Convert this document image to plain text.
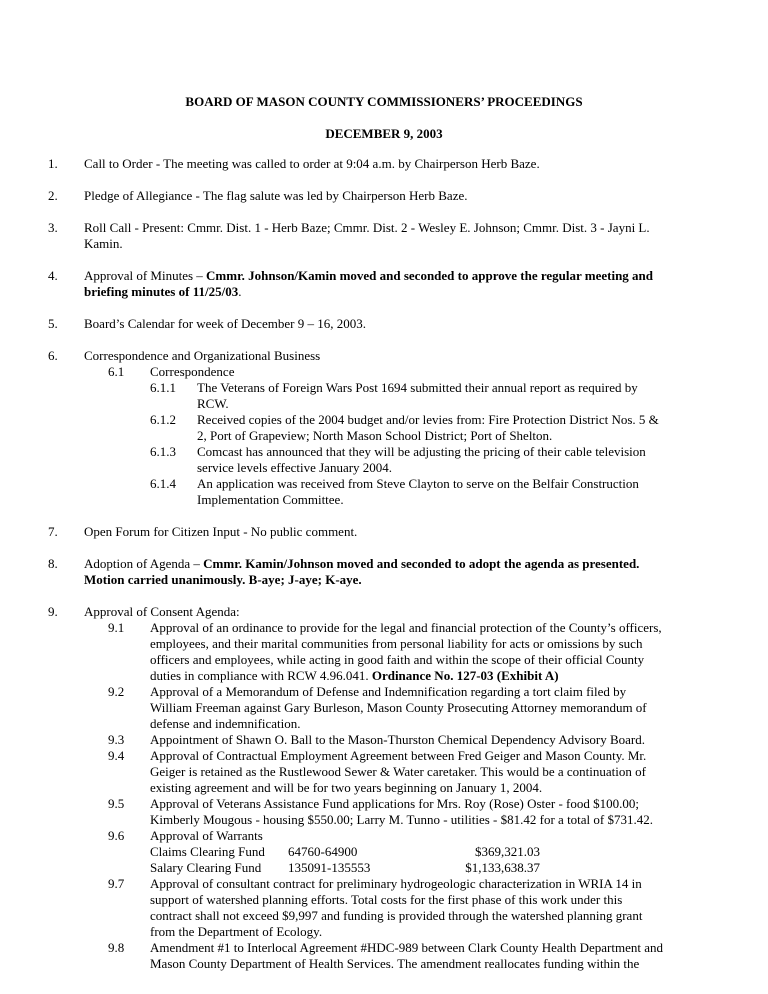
BOARD OF MASON COUNTY COMMISSIONERS’ PROCEEDINGS
DECEMBER 9, 2003
1.	Call to Order - The meeting was called to order at 9:04 a.m. by Chairperson Herb Baze.
2.	Pledge of Allegiance - The flag salute was led by Chairperson Herb Baze.
3.	Roll Call - Present: Cmmr. Dist. 1 - Herb Baze; Cmmr. Dist. 2 - Wesley E. Johnson; Cmmr. Dist. 3 - Jayni L.
Kamin.
4.	Approval of Minutes – Cmmr. Johnson/Kamin moved and seconded to approve the regular meeting and
briefing minutes of 11/25/03.
5.	Board’s Calendar for week of December 9 – 16, 2003.
6.	Correspondence and Organizational Business
6.1 Correspondence
6.1.1 The Veterans of Foreign Wars Post 1694 submitted their annual report as required by
RCW.
6.1.2 Received copies of the 2004 budget and/or levies from: Fire Protection District Nos. 5 &
2, Port of Grapeview; North Mason School District; Port of Shelton.
6.1.3 Comcast has announced that they will be adjusting the pricing of their cable television
service levels effective January 2004.
6.1.4 An application was received from Steve Clayton to serve on the Belfair Construction
Implementation Committee.
7.	Open Forum for Citizen Input - No public comment.
8.	Adoption of Agenda – Cmmr. Kamin/Johnson moved and seconded to adopt the agenda as presented.
Motion carried unanimously. B-aye; J-aye; K-aye.
9.	Approval of Consent Agenda:
9.1 Approval of an ordinance to provide for the legal and financial protection of the County’s officers,
employees, and their marital communities from personal liability for acts or omissions by such
officers and employees, while acting in good faith and within the scope of their official County
duties in compliance with RCW 4.96.041. Ordinance No. 127-03 (Exhibit A)
9.2 Approval of a Memorandum of Defense and Indemnification regarding a tort claim filed by
William Freeman against Gary Burleson, Mason County Prosecuting Attorney memorandum of
defense and indemnification.
9.3 Appointment of Shawn O. Ball to the Mason-Thurston Chemical Dependency Advisory Board.
9.4 Approval of Contractual Employment Agreement between Fred Geiger and Mason County. Mr.
Geiger is retained as the Rustlewood Sewer & Water caretaker. This would be a continuation of
existing agreement and will be for two years beginning on January 1, 2004.
9.5 Approval of Veterans Assistance Fund applications for Mrs. Roy (Rose) Oster - food $100.00;
Kimberly Mougous - housing $550.00; Larry M. Tunno - utilities - $81.42 for a total of $731.42.
9.6 Approval of Warrants
Claims Clearing Fund 64760-64900	$369,321.03
Salary Clearing Fund 135091-135553	$1,133,638.37
9.7 Approval of consultant contract for preliminary hydrogeologic characterization in WRIA 14 in
support of watershed planning efforts. Total costs for the first phase of this work under this
contract shall not exceed $9,997 and funding is provided through the watershed planning grant
from the Department of Ecology.
9.8 Amendment #1 to Interlocal Agreement #HDC-989 between Clark County Health Department and
Mason County Department of Health Services. The amendment reallocates funding within the
